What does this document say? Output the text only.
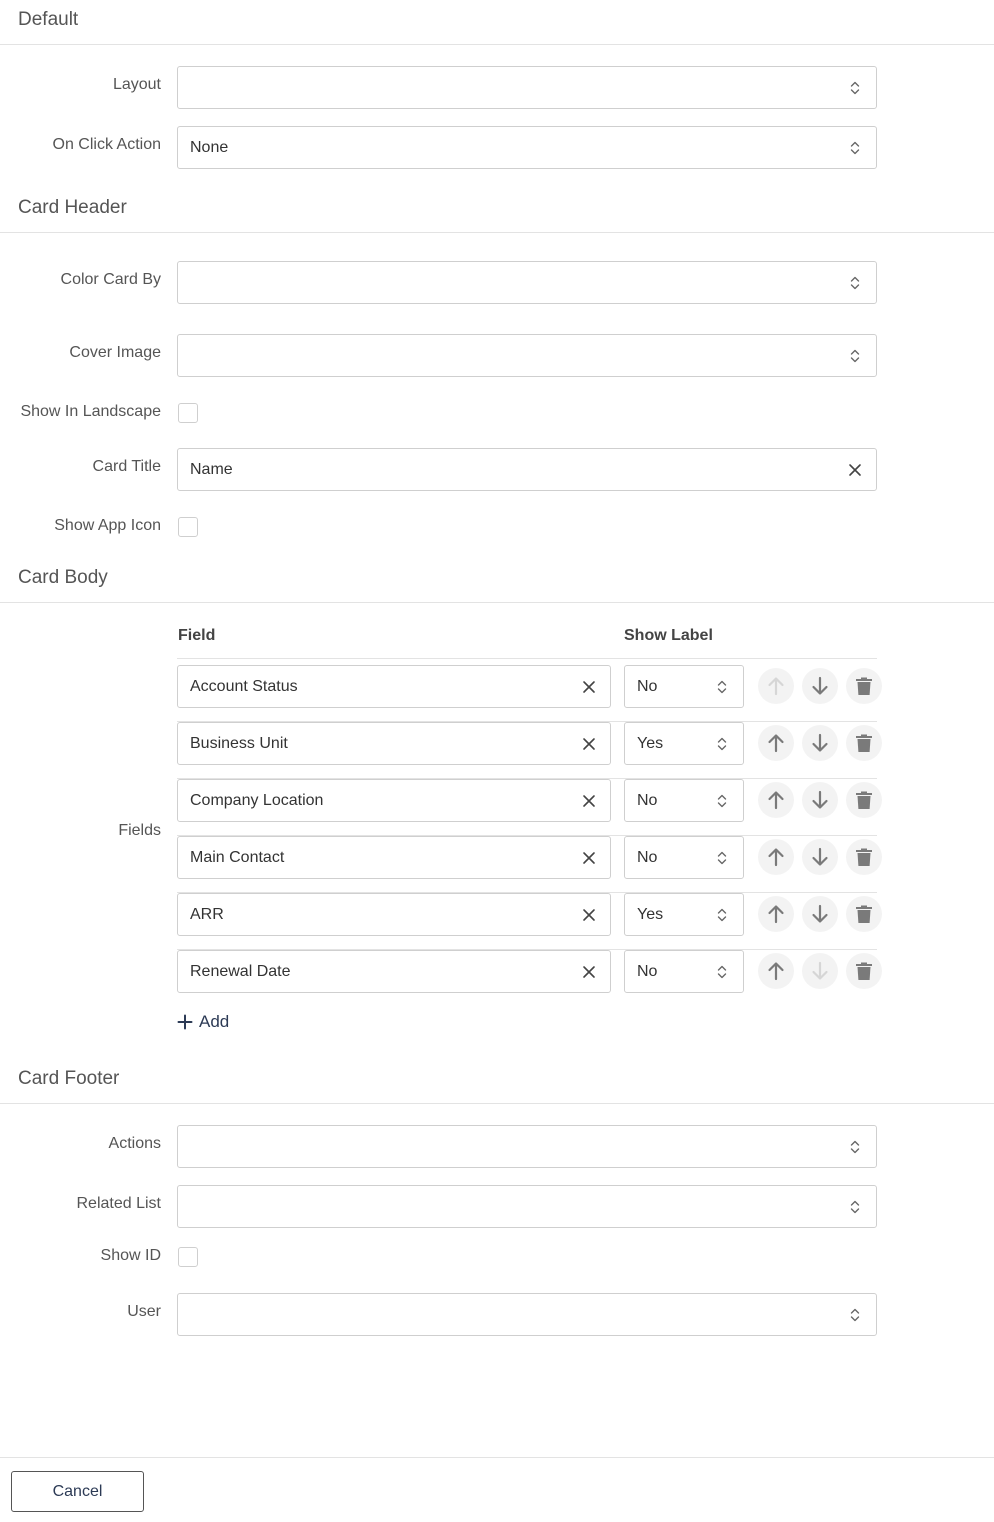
Default
Layout
On Click Action None
Card Header
Color Card By
Cover Image
Show In Landscape
Card Title Name
Show App Icon
Card Body
Field	Show Label
Fields
Account Status	No
Business Unit	Yes
Company Location	No
Main Contact	No
ARR	Yes
Renewal Date	No
Add
Card Footer
Actions
Related List
Show ID
User
Cancel
